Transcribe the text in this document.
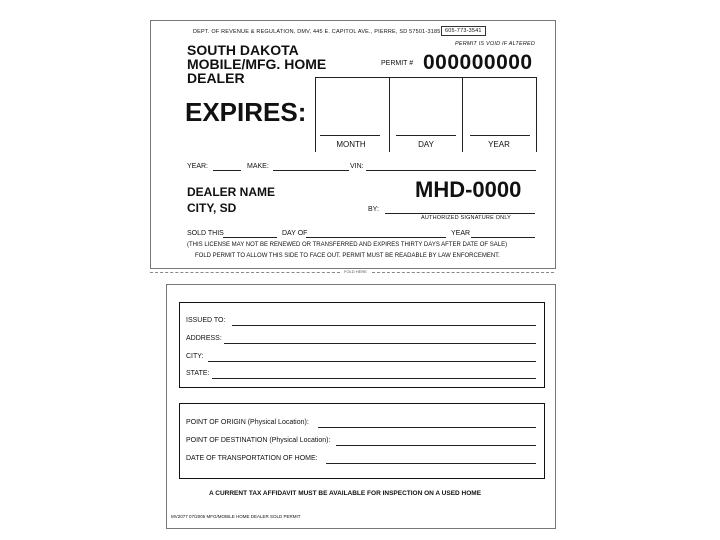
DEPT. OF REVENUE & REGULATION, DMV, 445 E. CAPITOL AVE., PIERRE, SD 57501-3185 605-773-3541
PERMIT IS VOID IF ALTERED
SOUTH DAKOTA
MOBILE/MFG. HOME
DEALER
PERMIT # 000000000
EXPIRES:
MONTH	DAY	YEAR
YEAR:	MAKE:	VIN:
DEALER NAME
CITY, SD
MHD-0000
BY:
AUTHORIZED SIGNATURE ONLY
SOLD THIS	DAY OF	YEAR
(THIS LICENSE MAY NOT BE RENEWED OR TRANSFERRED AND EXPIRES THIRTY DAYS AFTER DATE OF SALE)
FOLD PERMIT TO ALLOW THIS SIDE TO FACE OUT. PERMIT MUST BE READABLE BY LAW ENFORCEMENT.
FOLD HERE
ISSUED TO:
ADDRESS:
CITY:
STATE:
POINT OF ORIGIN (Physical Location):
POINT OF DESTINATION (Physical Location):
DATE OF TRANSPORTATION OF HOME:
A CURRENT TAX AFFIDAVIT MUST BE AVAILABLE FOR INSPECTION ON A USED HOME
MV2077 07/2005 MFG/MOBILE HOME DEALER SOLD PERMIT
